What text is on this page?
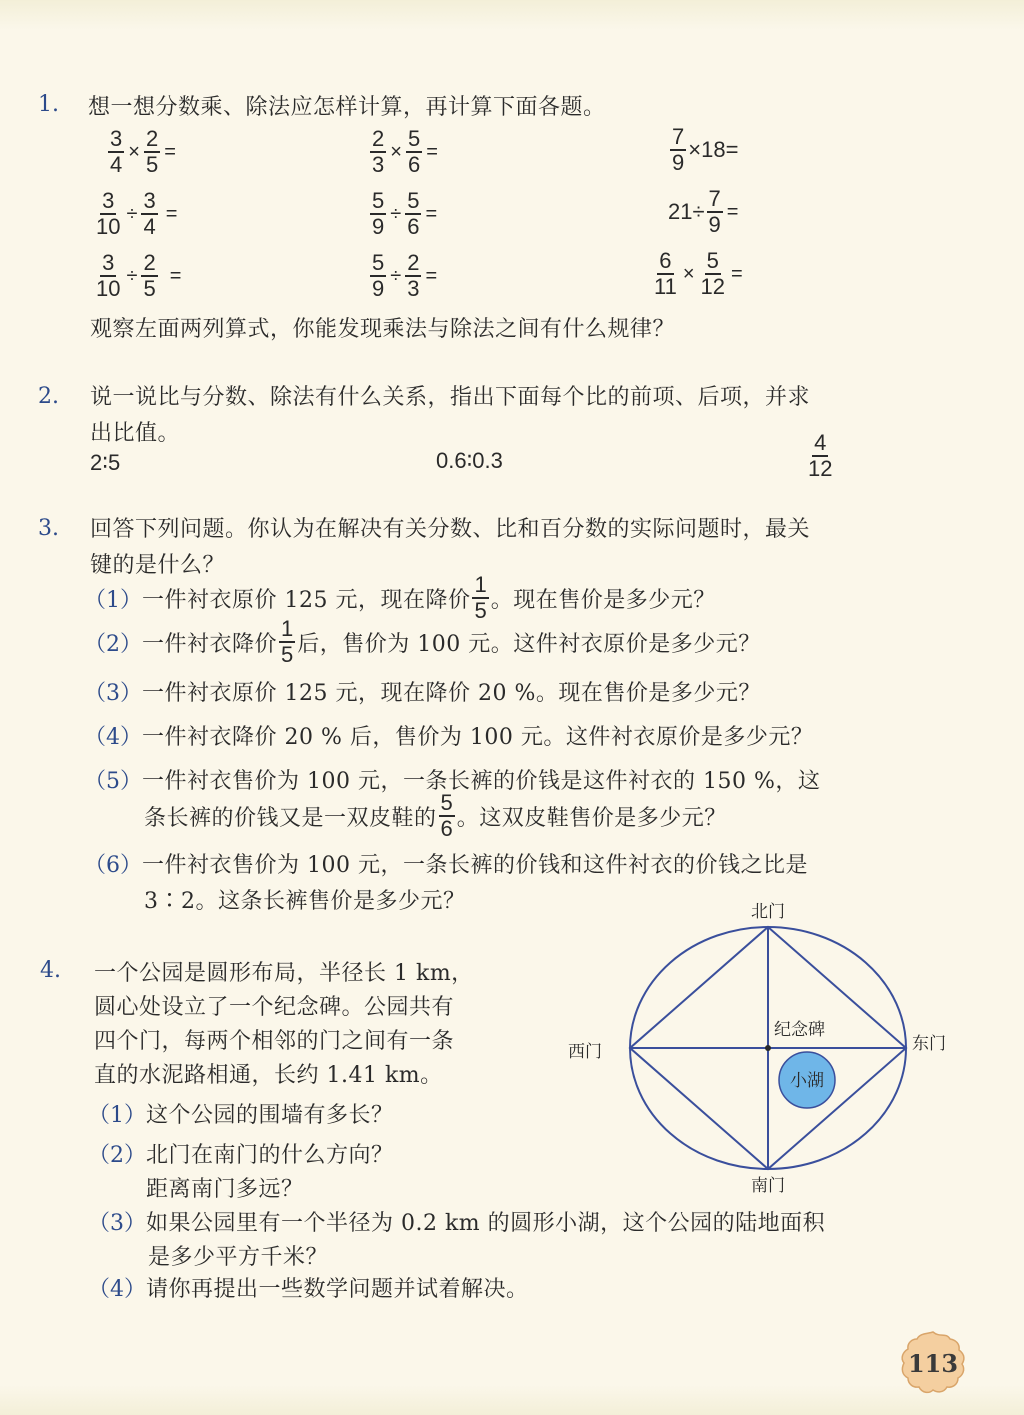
1. 想一想分数乘、除法应怎样计算，再计算下面各题。
$\frac{3}{4} \times \frac{2}{5}$ =	$\frac{2}{3} \times \frac{5}{6}$ =	$\frac{7}{9} \times 18=$
$\frac{3}{10} \div \frac{3}{4}$ =	$\frac{5}{9} \div \frac{5}{6}$ =	$21\div \frac{7}{9}$ =
$\frac{3}{10} \div \frac{2}{5}$ =	$\frac{5}{9} \div \frac{2}{3}$ =	$\frac{6}{11} \times \frac{5}{12}$ =
观察左面两列算式，你能发现乘法与除法之间有什么规律？
2. 说一说比与分数、除法有什么关系，指出下面每个比的前项、后项，并求
出比值。
2∶5	0.6∶0.3	$\frac{4}{12}$
3. 回答下列问题。你认为在解决有关分数、比和百分数的实际问题时，最关
键的是什么？
（1） 一件衬衣原价 125 元，现在降价 $\frac{1}{5}$ 。现在售价是多少元？
（2） 一件衬衣降价 $\frac{1}{5}$ 后，售价为 100 元。这件衬衣原价是多少元？
（3） 一件衬衣原价 125 元，现在降价 20 %。现在售价是多少元？
（4） 一件衬衣降价 20 % 后，售价为 100 元。这件衬衣原价是多少元？
（5） 一件衬衣售价为 100 元，一条长裤的价钱是这件衬衣的 150 %，这
条长裤的价钱又是一双皮鞋的 $\frac{5}{6}$ 。这双皮鞋售价是多少元？
（6） 一件衬衣售价为 100 元，一条长裤的价钱和这件衬衣的价钱之比是
3∶2。这条长裤售价是多少元？
4. 一个公园是圆形布局，半径长 1 km，
圆心处设立了一个纪念碑。公园共有
四个门，每两个相邻的门之间有一条
直的水泥路相通，长约 1.41 km。
（1） 这个公园的围墙有多长？
（2） 北门在南门的什么方向？
距离南门多远？
（3） 如果公园里有一个半径为 0.2 km 的圆形小湖，这个公园的陆地面积
是多少平方千米？
（4） 请你再提出一些数学问题并试着解决。
北门
南门
东门
西门
纪念碑
小湖
113
